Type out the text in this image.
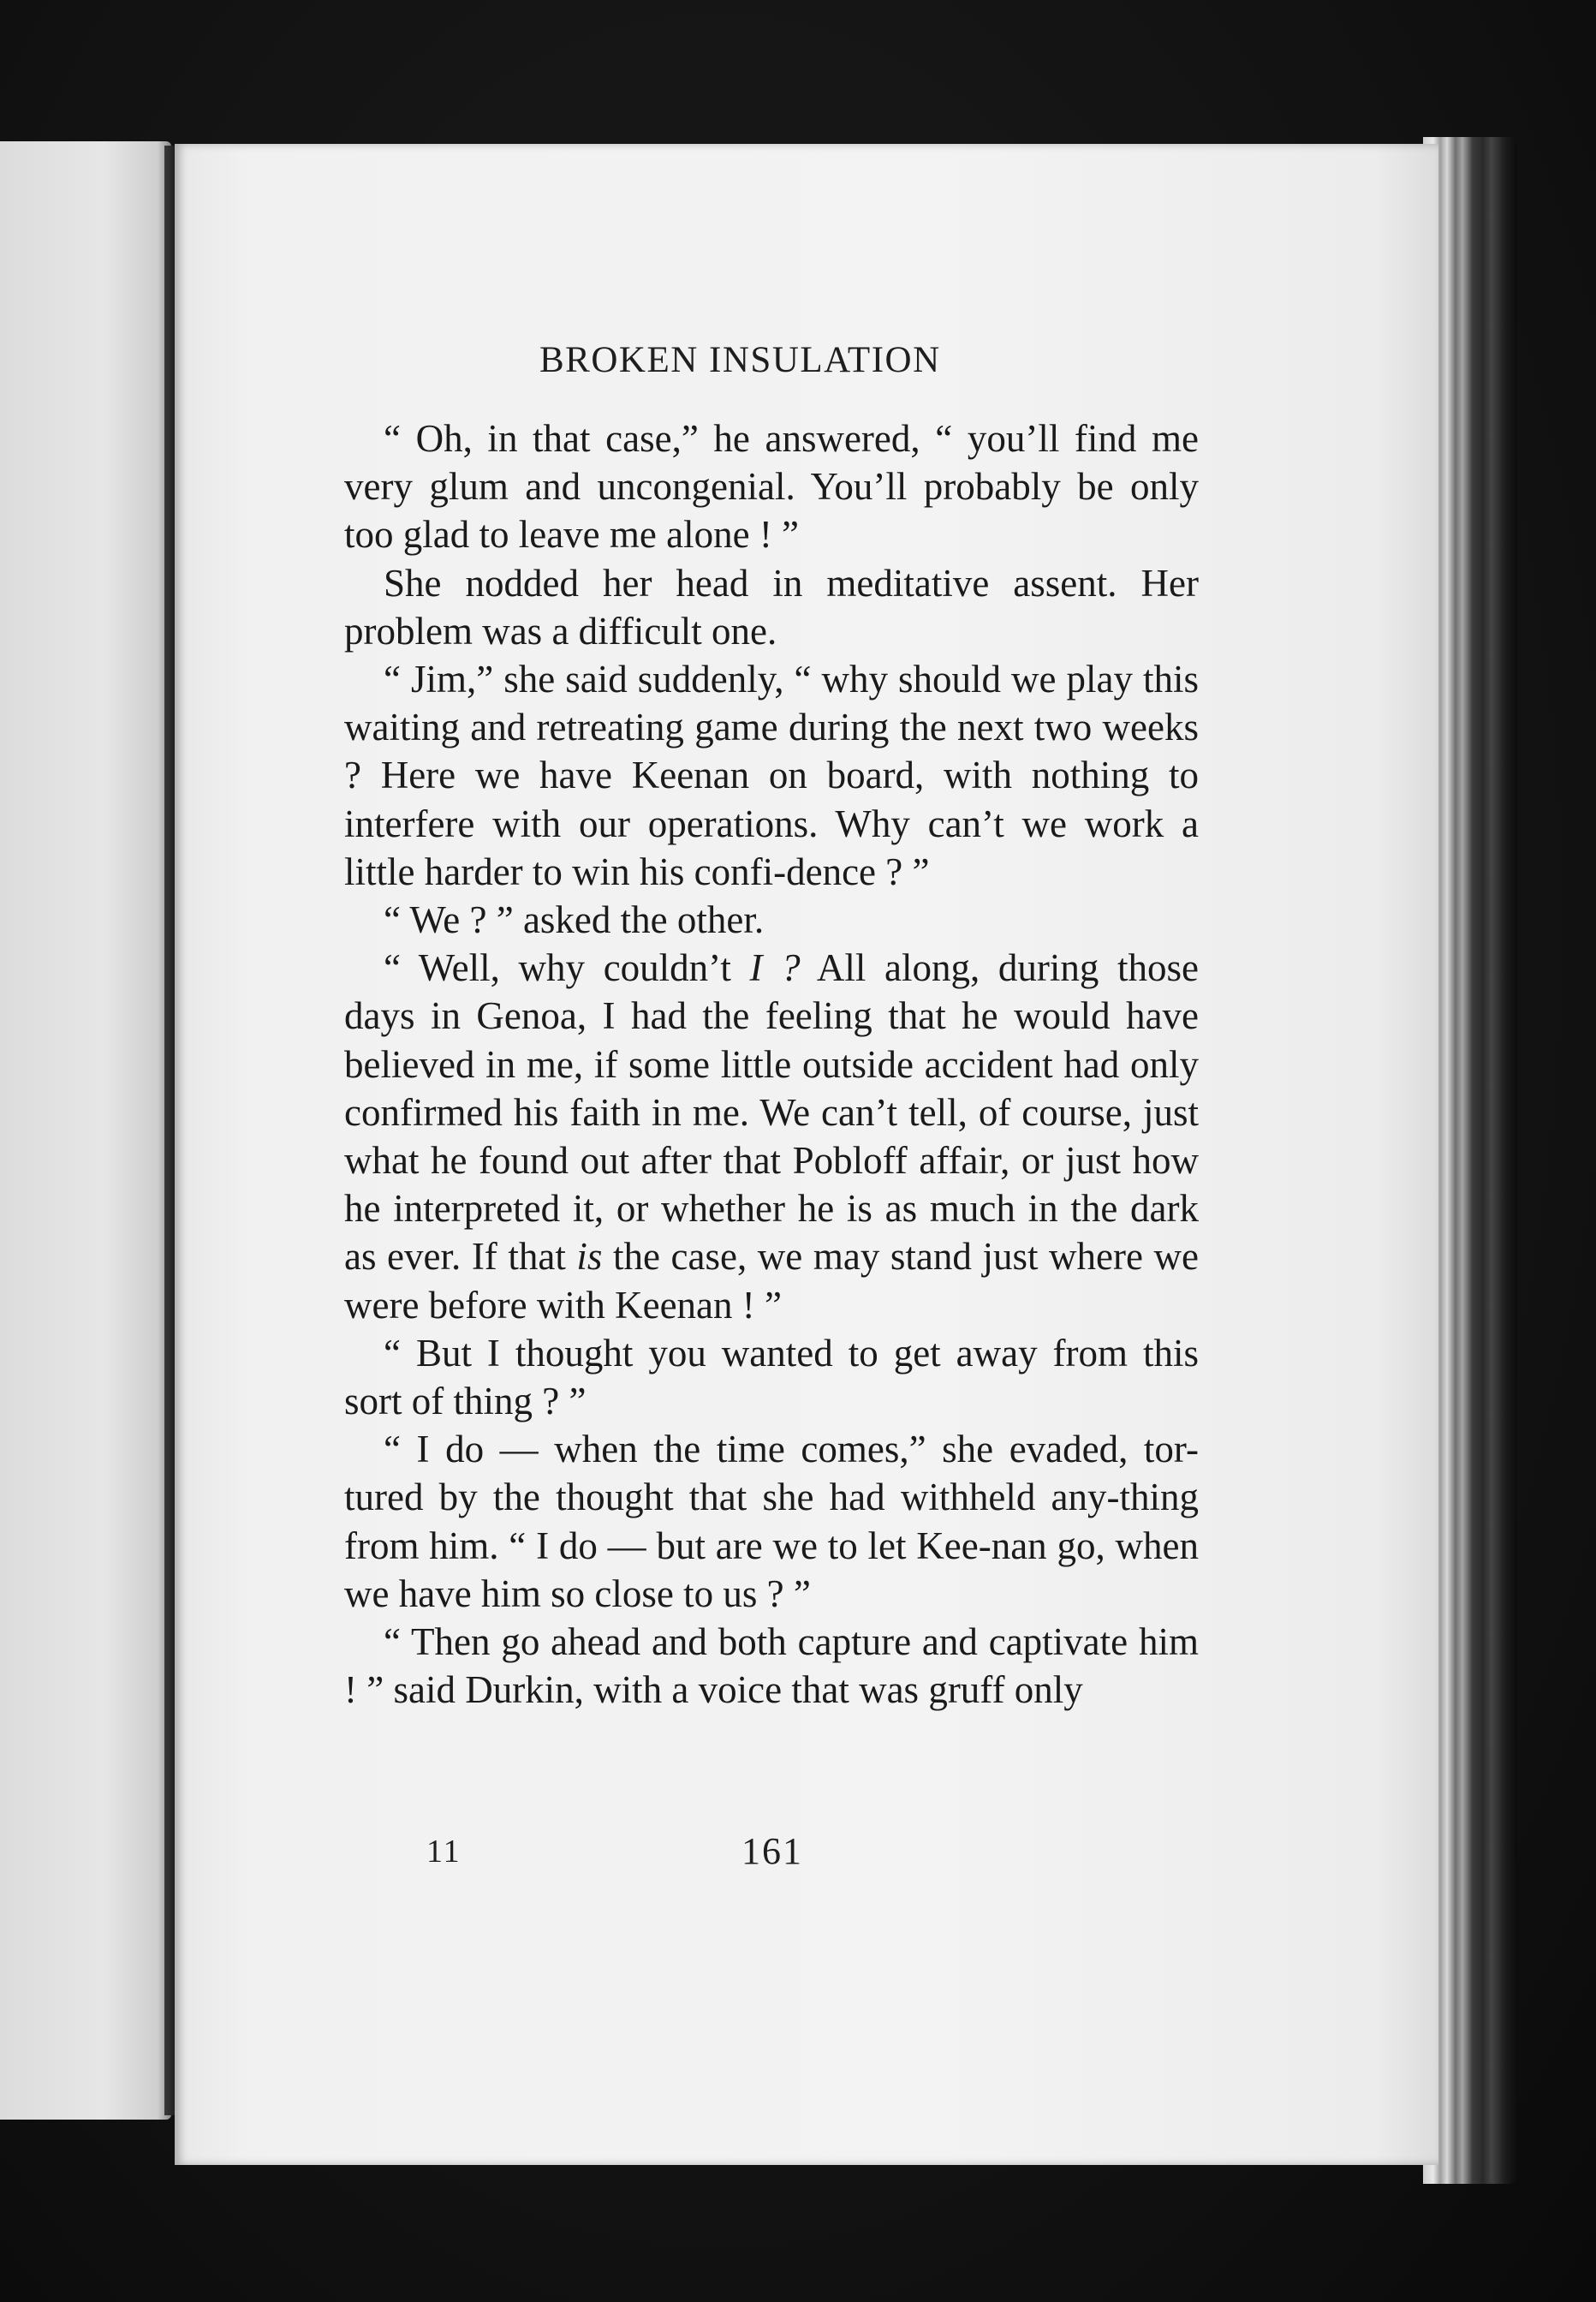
BROKEN INSULATION

“ Oh, in that case,” he answered, “ you’ll find me very glum and uncongenial. You’ll probably be only too glad to leave me alone ! ”

She nodded her head in meditative assent. Her problem was a difficult one.

“ Jim,” she said suddenly, “ why should we play this waiting and retreating game during the next two weeks ? Here we have Keenan on board, with nothing to interfere with our operations. Why can’t we work a little harder to win his confi-dence ? ”

“ We ? ” asked the other.

“ Well, why couldn’t I ? All along, during those days in Genoa, I had the feeling that he would have believed in me, if some little outside accident had only confirmed his faith in me. We can’t tell, of course, just what he found out after that Pobloff affair, or just how he interpreted it, or whether he is as much in the dark as ever. If that is the case, we may stand just where we were before with Keenan ! ”

“ But I thought you wanted to get away from this sort of thing ? ”

“ I do — when the time comes,” she evaded, tor-tured by the thought that she had withheld any-thing from him. “ I do — but are we to let Kee-nan go, when we have him so close to us ? ”

“ Then go ahead and both capture and captivate him ! ” said Durkin, with a voice that was gruff only

11	161
